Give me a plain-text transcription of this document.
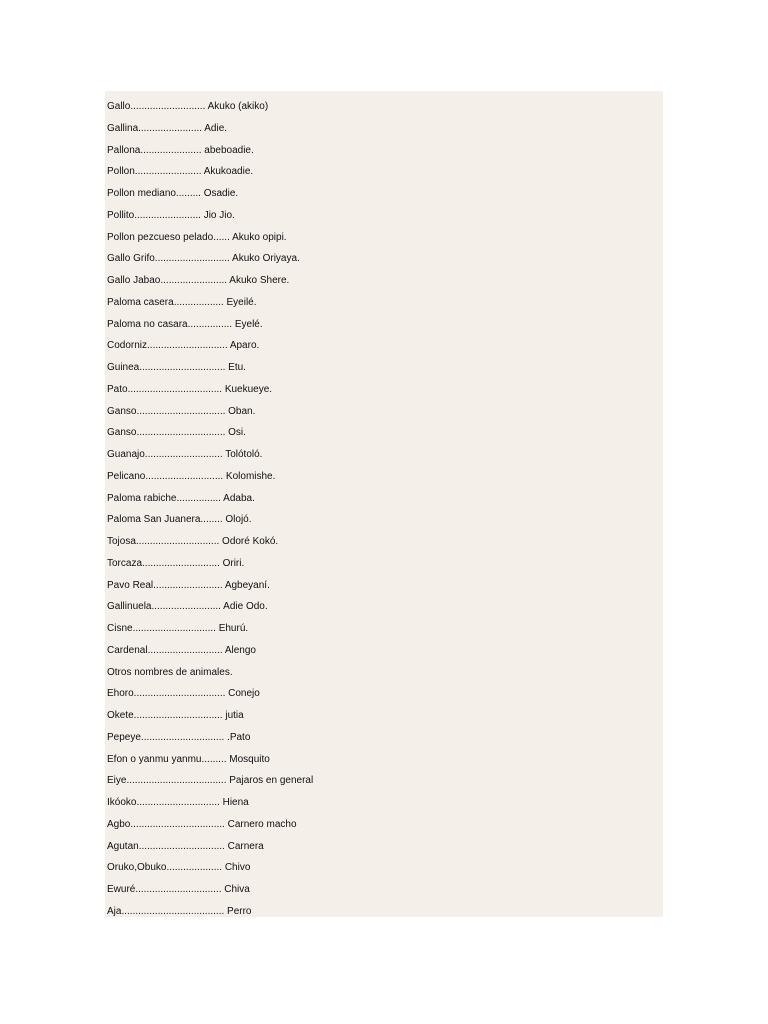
Gallo........................... Akuko (akiko)
Gallina....................... Adie.
Pallona...................... abeboadie.
Pollon........................ Akukoadie.
Pollon mediano......... Osadie.
Pollito........................ Jio Jio.
Pollon pezcueso pelado...... Akuko opipi.
Gallo Grifo........................... Akuko Oriyaya.
Gallo Jabao........................ Akuko Shere.
Paloma casera.................. Eyeilé.
Paloma no casara................ Eyelé.
Codorniz............................. Aparo.
Guinea............................... Etu.
Pato.................................. Kuekueye.
Ganso................................ Oban.
Ganso................................ Osi.
Guanajo............................ Tolótoló.
Pelicano............................ Kolomishe.
Paloma rabiche................ Adaba.
Paloma San Juanera........ Olojó.
Tojosa.............................. Odoré Kokó.
Torcaza............................ Oriri.
Pavo Real......................... Agbeyaní.
Gallinuela......................... Adie Odo.
Cisne.............................. Ehurú.
Cardenal........................... Alengo
Otros nombres de animales.
Ehoro................................. Conejo
Okete................................ jutia
Pepeye.............................. .Pato
Efon o yanmu yanmu......... Mosquito
Eiye.................................... Pajaros en general
Ikóoko.............................. Hiena
Agbo.................................. Carnero macho
Agutan............................... Carnera
Oruko,Obuko.................... Chivo
Ewuré............................... Chiva
Aja..................................... Perro
